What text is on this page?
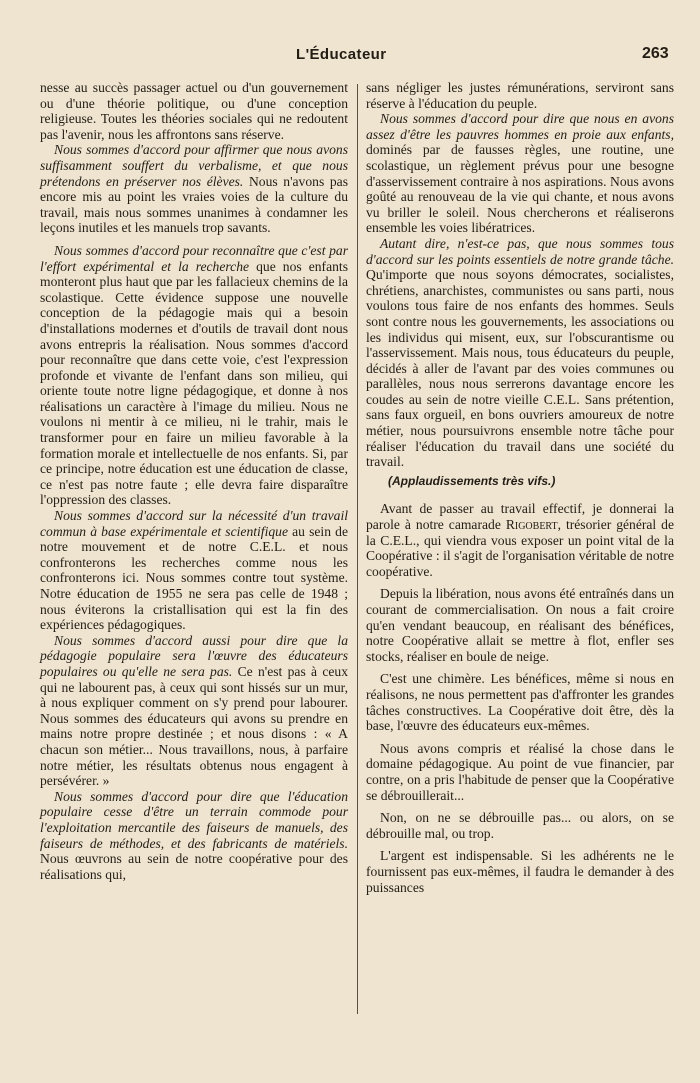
L'Éducateur	263

nesse au succès passager actuel ou d'un gouvernement ou d'une théorie politique, ou d'une conception religieuse. Toutes les théories sociales qui ne redoutent pas l'avenir, nous les affrontons sans réserve.

Nous sommes d'accord pour affirmer que nous avons suffisamment souffert du verbalisme, et que nous prétendons en préserver nos élèves. Nous n'avons pas encore mis au point les vraies voies de la culture du travail, mais nous sommes unanimes à condamner les leçons inutiles et les manuels trop savants.

Nous sommes d'accord pour reconnaître que c'est par l'effort expérimental et la recherche que nos enfants monteront plus haut que par les fallacieux chemins de la scolastique. Cette évidence suppose une nouvelle conception de la pédagogie mais qui a besoin d'installations modernes et d'outils de travail dont nous avons entrepris la réalisation. Nous sommes d'accord pour reconnaître que dans cette voie, c'est l'expression profonde et vivante de l'enfant dans son milieu, qui oriente toute notre ligne pédagogique, et donne à nos réalisations un caractère à l'image du milieu. Nous ne voulons ni mentir à ce milieu, ni le trahir, mais le transformer pour en faire un milieu favorable à la formation morale et intellectuelle de nos enfants. Si, par ce principe, notre éducation est une éducation de classe, ce n'est pas notre faute ; elle devra faire disparaître l'oppression des classes.

Nous sommes d'accord sur la nécessité d'un travail commun à base expérimentale et scientifique au sein de notre mouvement et de notre C.E.L. et nous confronterons les recherches comme nous les confronterons ici. Nous sommes contre tout système. Notre éducation de 1955 ne sera pas celle de 1948 ; nous éviterons la cristallisation qui est la fin des expériences pédagogiques.

Nous sommes d'accord aussi pour dire que la pédagogie populaire sera l'œuvre des éducateurs populaires ou qu'elle ne sera pas. Ce n'est pas à ceux qui ne labourent pas, à ceux qui sont hissés sur un mur, à nous expliquer comment on s'y prend pour labourer. Nous sommes des éducateurs qui avons su prendre en mains notre propre destinée ; et nous disons : « A chacun son métier... Nous travaillons, nous, à parfaire notre métier, les résultats obtenus nous engagent à persévérer. »

Nous sommes d'accord pour dire que l'éducation populaire cesse d'être un terrain commode pour l'exploitation mercantile des faiseurs de manuels, des faiseurs de méthodes, et des fabricants de matériels. Nous œuvrons au sein de notre coopérative pour des réalisations qui,

sans négliger les justes rémunérations, serviront sans réserve à l'éducation du peuple.

Nous sommes d'accord pour dire que nous en avons assez d'être les pauvres hommes en proie aux enfants, dominés par de fausses règles, une routine, une scolastique, un règlement prévus pour une besogne d'asservissement contraire à nos aspirations. Nous avons goûté au renouveau de la vie qui chante, et nous avons vu briller le soleil. Nous chercherons et réaliserons ensemble les voies libératrices.

Autant dire, n'est-ce pas, que nous sommes tous d'accord sur les points essentiels de notre grande tâche. Qu'importe que nous soyons démocrates, socialistes, chrétiens, anarchistes, communistes ou sans parti, nous voulons tous faire de nos enfants des hommes. Seuls sont contre nous les gouvernements, les associations ou les individus qui misent, eux, sur l'obscurantisme ou l'asservissement. Mais nous, tous éducateurs du peuple, décidés à aller de l'avant par des voies communes ou parallèles, nous nous serrerons davantage encore les coudes au sein de notre vieille C.E.L. Sans prétention, sans faux orgueil, en bons ouvriers amoureux de notre métier, nous poursuivrons ensemble notre tâche pour réaliser l'éducation du travail dans une société du travail.

(Applaudissements très vifs.)

Avant de passer au travail effectif, je donnerai la parole à notre camarade Rigobert, trésorier général de la C.E.L., qui viendra vous exposer un point vital de la Coopérative : il s'agit de l'organisation véritable de notre coopérative.

Depuis la libération, nous avons été entraînés dans un courant de commercialisation. On nous a fait croire qu'en vendant beaucoup, en réalisant des bénéfices, notre Coopérative allait se mettre à flot, enfler ses stocks, réaliser en boule de neige.

C'est une chimère. Les bénéfices, même si nous en réalisons, ne nous permettent pas d'affronter les grandes tâches constructives. La Coopérative doit être, dès la base, l'œuvre des éducateurs eux-mêmes.

Nous avons compris et réalisé la chose dans le domaine pédagogique. Au point de vue financier, par contre, on a pris l'habitude de penser que la Coopérative se débrouillerait...

Non, on ne se débrouille pas... ou alors, on se débrouille mal, ou trop.

L'argent est indispensable. Si les adhérents ne le fournissent pas eux-mêmes, il faudra le demander à des puissances
